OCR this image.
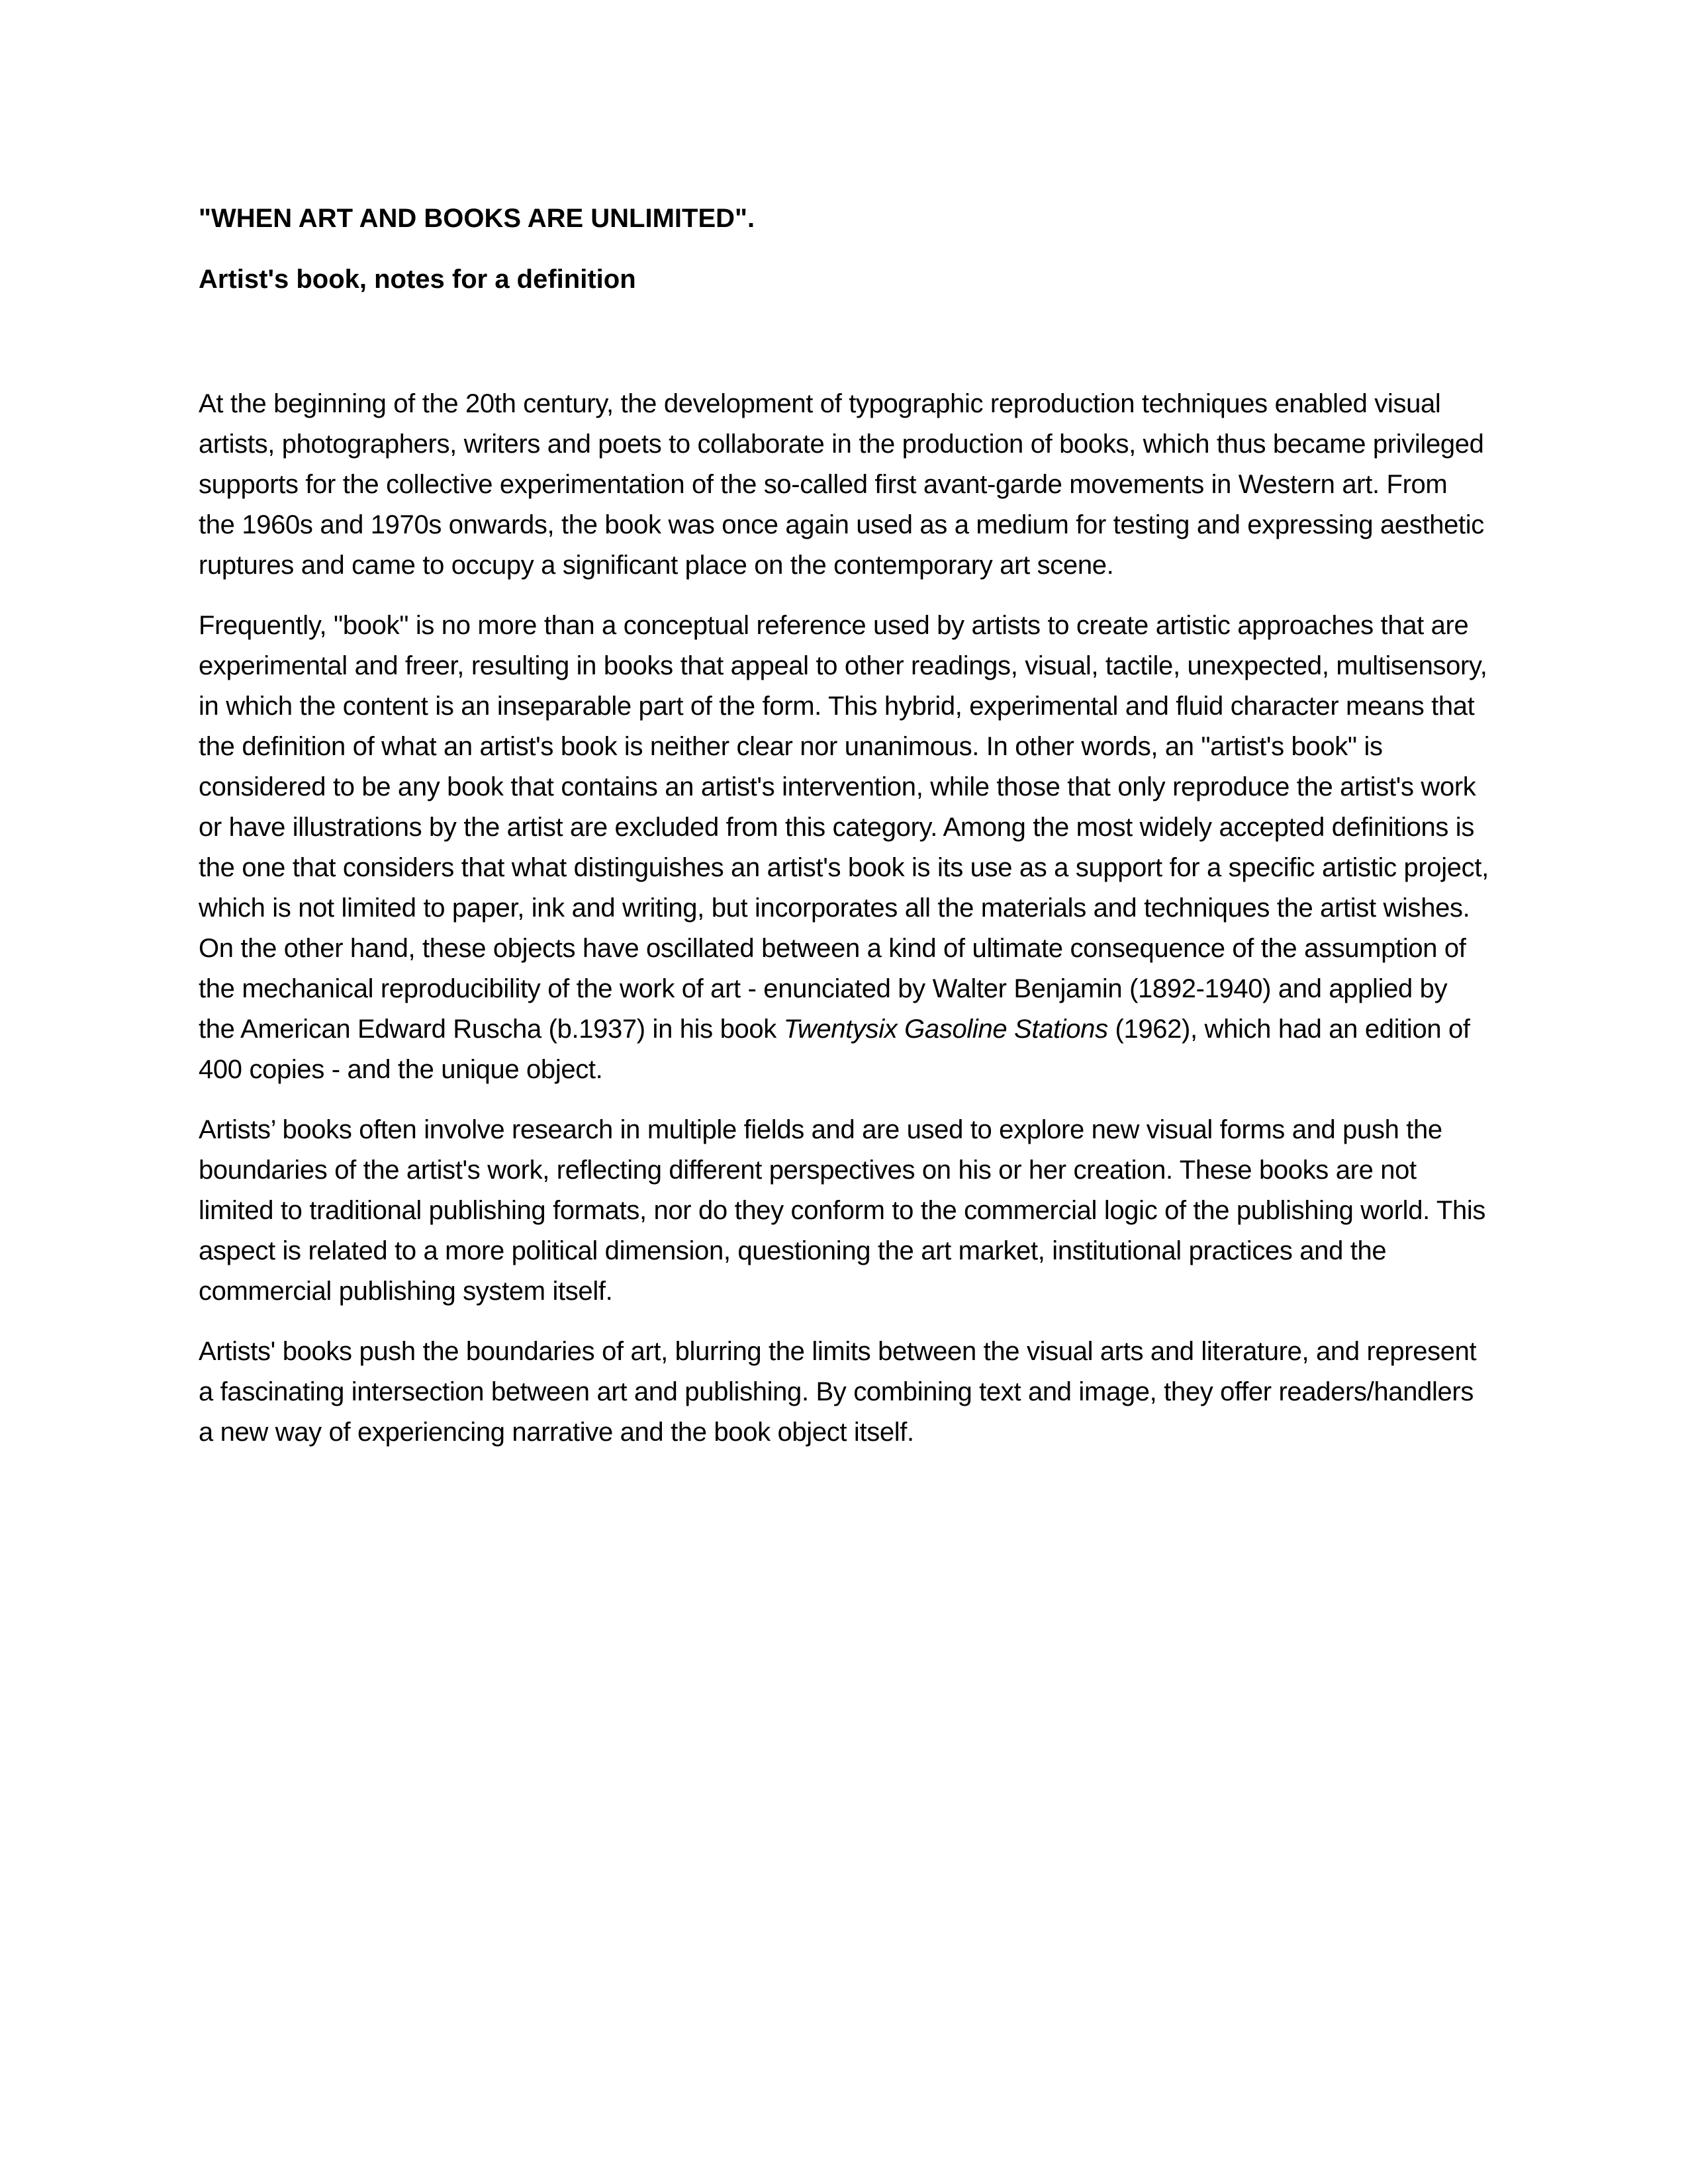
"WHEN ART AND BOOKS ARE UNLIMITED".

Artist's book, notes for a definition

At the beginning of the 20th century, the development of typographic reproduction techniques enabled visual artists, photographers, writers and poets to collaborate in the production of books, which thus became privileged supports for the collective experimentation of the so-called first avant-garde movements in Western art. From the 1960s and 1970s onwards, the book was once again used as a medium for testing and expressing aesthetic ruptures and came to occupy a significant place on the contemporary art scene.

Frequently, "book" is no more than a conceptual reference used by artists to create artistic approaches that are experimental and freer, resulting in books that appeal to other readings, visual, tactile, unexpected, multisensory, in which the content is an inseparable part of the form. This hybrid, experimental and fluid character means that the definition of what an artist's book is neither clear nor unanimous. In other words, an "artist's book" is considered to be any book that contains an artist's intervention, while those that only reproduce the artist's work or have illustrations by the artist are excluded from this category. Among the most widely accepted definitions is the one that considers that what distinguishes an artist's book is its use as a support for a specific artistic project, which is not limited to paper, ink and writing, but incorporates all the materials and techniques the artist wishes. On the other hand, these objects have oscillated between a kind of ultimate consequence of the assumption of the mechanical reproducibility of the work of art - enunciated by Walter Benjamin (1892-1940) and applied by the American Edward Ruscha (b.1937) in his book Twentysix Gasoline Stations (1962), which had an edition of 400 copies - and the unique object.

Artists’ books often involve research in multiple fields and are used to explore new visual forms and push the boundaries of the artist's work, reflecting different perspectives on his or her creation. These books are not limited to traditional publishing formats, nor do they conform to the commercial logic of the publishing world. This aspect is related to a more political dimension, questioning the art market, institutional practices and the commercial publishing system itself.

Artists' books push the boundaries of art, blurring the limits between the visual arts and literature, and represent a fascinating intersection between art and publishing. By combining text and image, they offer readers/handlers a new way of experiencing narrative and the book object itself.
